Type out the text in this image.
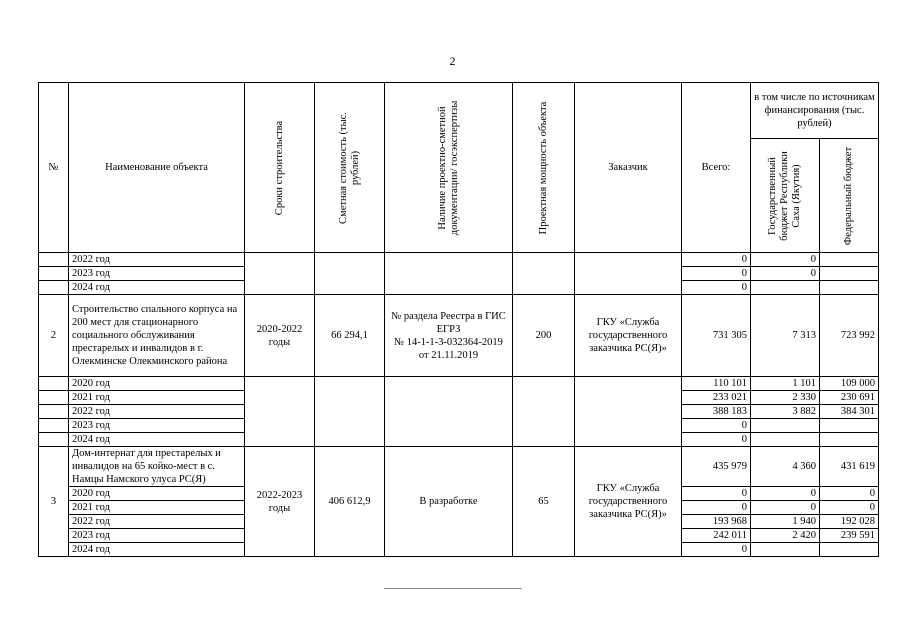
2
№	Наименование объекта	Сроки строительства	Сметная стоимость (тыс. рублей)	Наличие проектно-сметной документации/ госэкспертизы	Проектная мощность объекта	Заказчик	Всего:	в том числе по источникам финансирования (тыс. рублей)	

								Государственный бюджет Республики Саха (Якутия)	Федеральный бюджет

	2022 год						0	0	
	2023 год						0	0	
	2024 год						0		
2	Строительство спального корпуса на 200 мест для стационарного социального обслуживания престарелых и инвалидов в г. Олекминске Олекминского района	2020-2022 годы	66 294,1	№ раздела Реестра в ГИС ЕГРЗ
№ 14-1-1-3-032364-2019
от 21.11.2019	200	ГКУ «Служба государственного заказчика РС(Я)»	731 305	7 313	723 992
	2020 год						110 101	1 101	109 000
	2021 год						233 021	2 330	230 691
	2022 год						388 183	3 882	384 301
	2023 год						0		
	2024 год						0		
3	Дом-интернат для престарелых и инвалидов на 65 койко-мест в с. Намцы Намского улуса РС(Я)	2022-2023 годы	406 612,9	В разработке	65	ГКУ «Служба государственного заказчика РС(Я)»	435 979	4 360	431 619
	2020 год						0	0	0
	2021 год						0	0	0
	2022 год						193 968	1 940	192 028
	2023 год						242 011	2 420	239 591
	2024 год						0		
